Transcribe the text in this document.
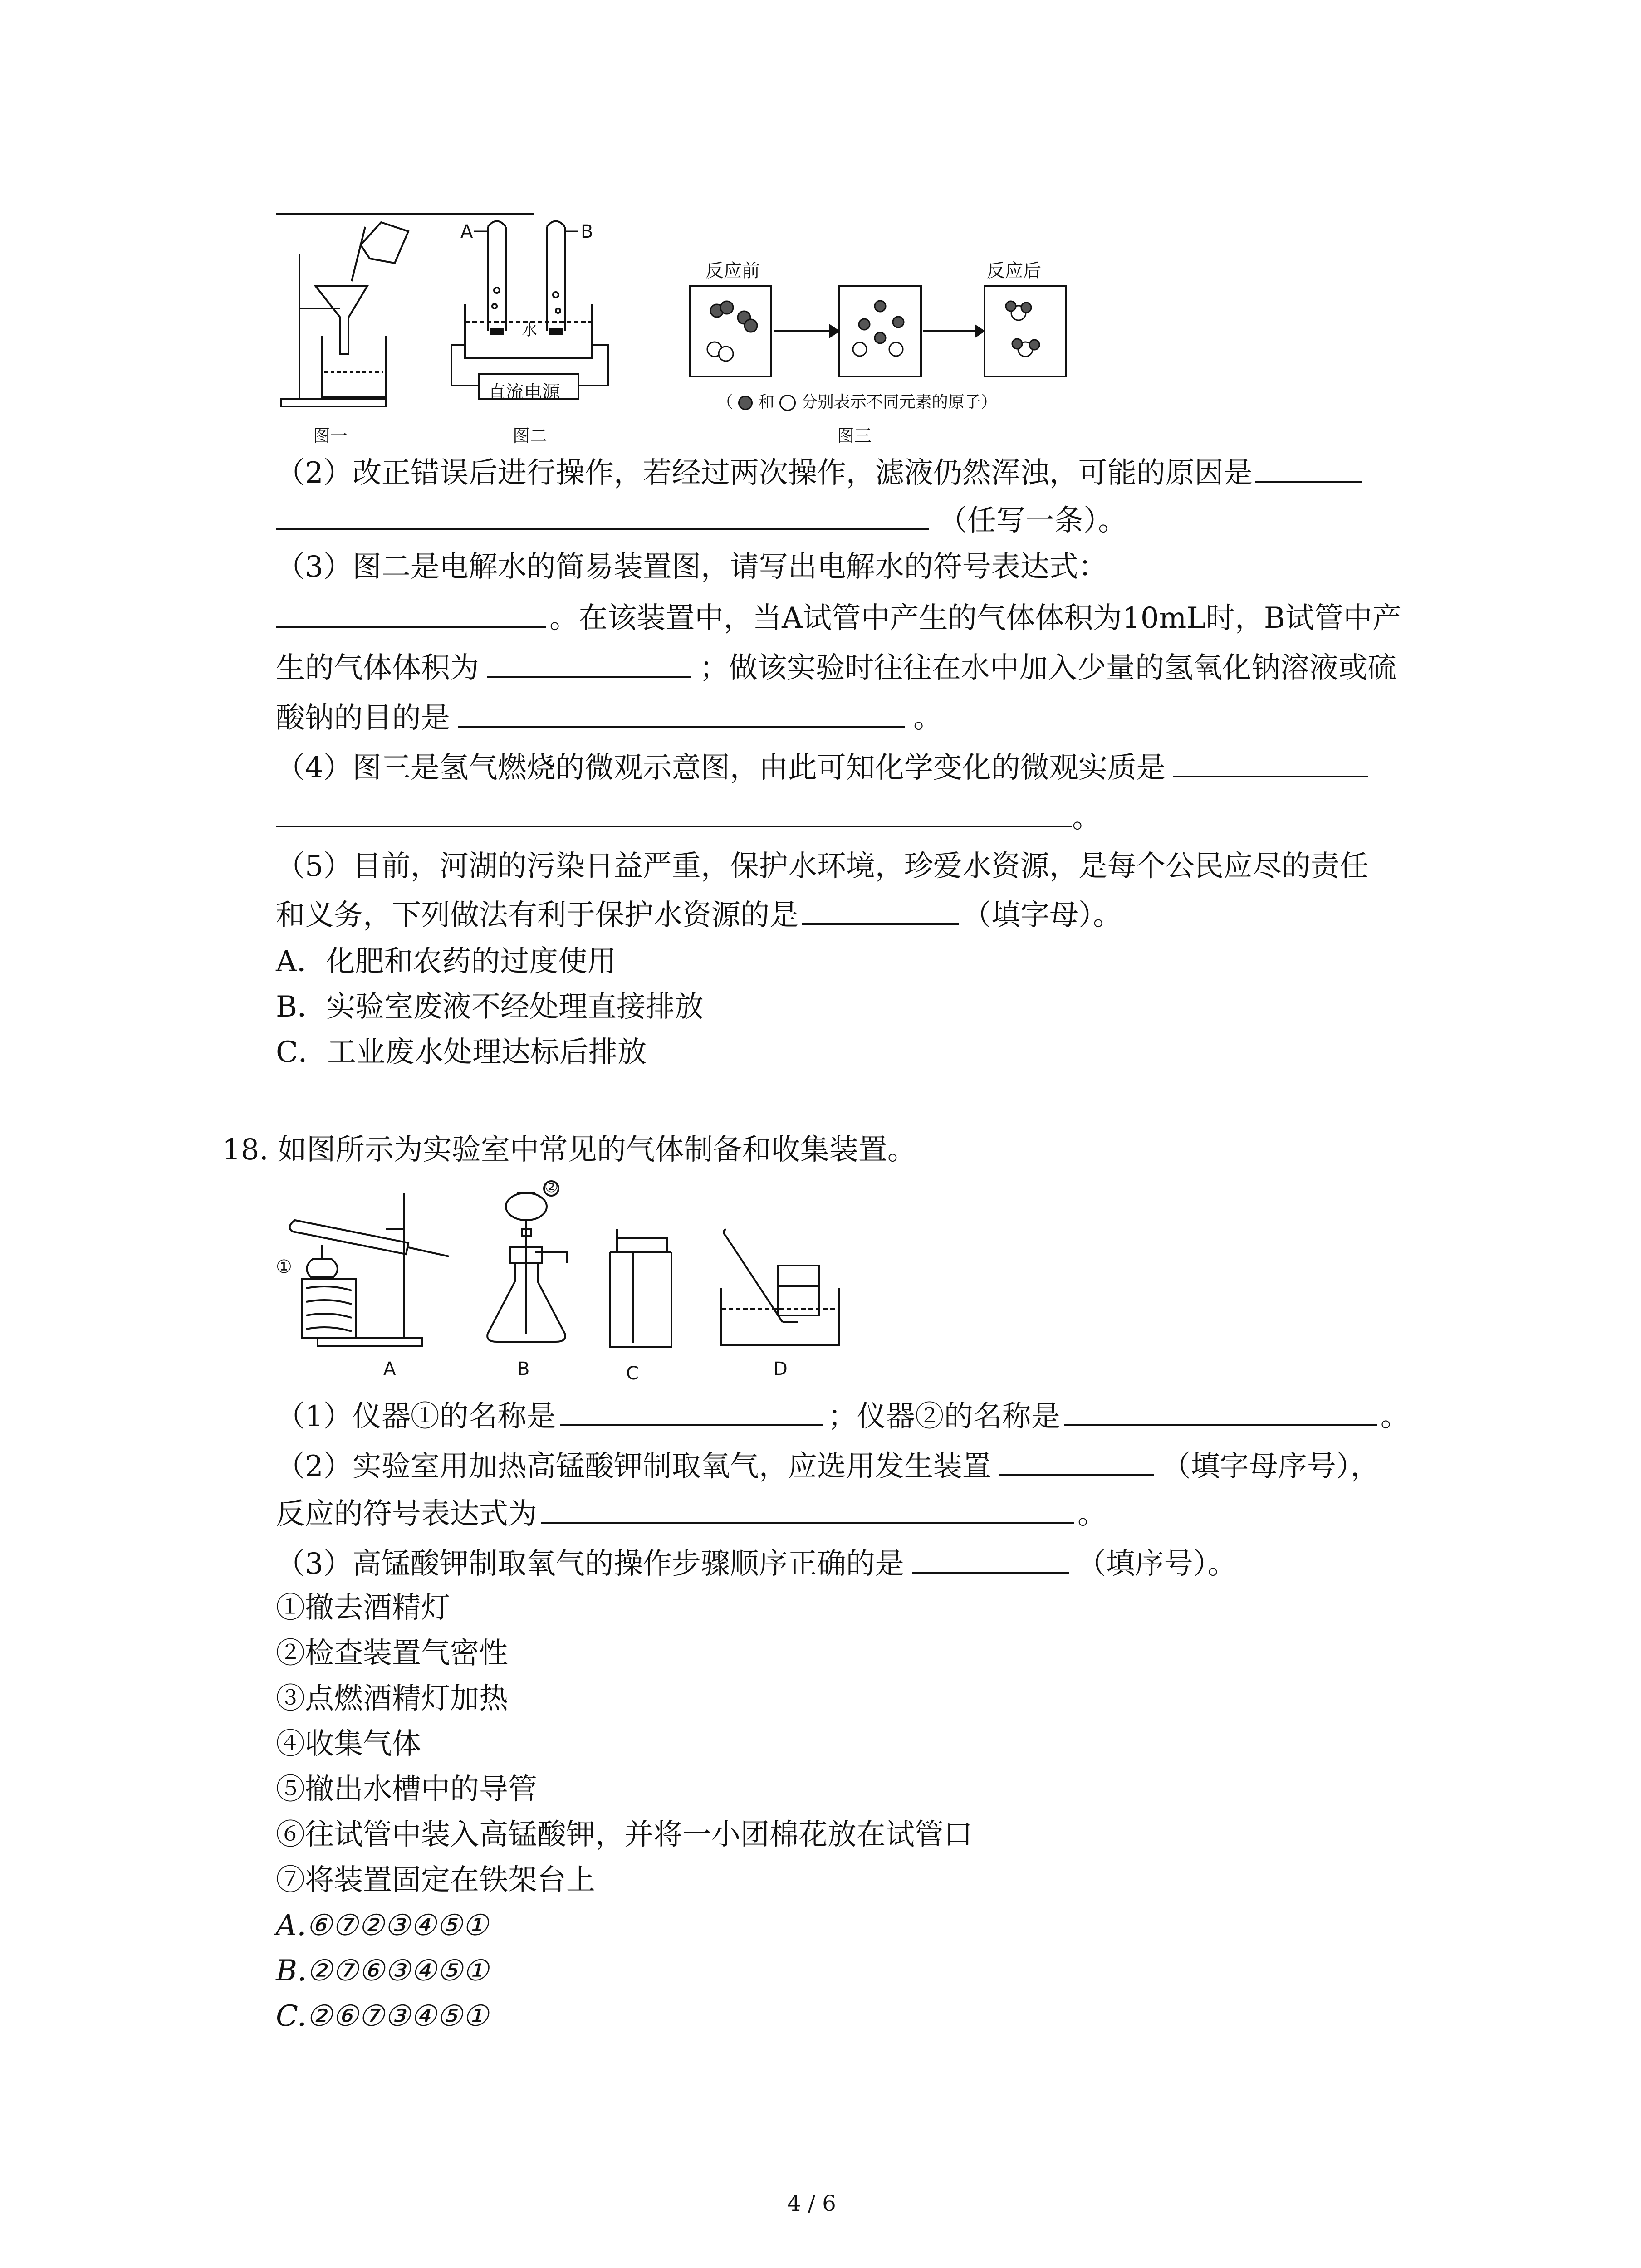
图一
A	B
水
直流电源
图二
反应前	反应后
（ 和 分别表示不同元素的原子）
图三
（2）改正错误后进行操作，若经过两次操作，滤液仍然浑浊，可能的原因是
（任写一条）。
（3）图二是电解水的简易装置图，请写出电解水的符号表达式：
。在该装置中，当A试管中产生的气体体积为10mL时，B试管中产
生的气体体积为	；做该实验时往往在水中加入少量的氢氧化钠溶液或硫
酸钠的目的是	。
（4）图三是氢气燃烧的微观示意图，由此可知化学变化的微观实质是
。
（5）目前，河湖的污染日益严重，保护水环境，珍爱水资源，是每个公民应尽的责任
和义务，下列做法有利于保护水资源的是	（填字母）。
A．化肥和农药的过度使用
B．实验室废液不经处理直接排放
C．工业废水处理达标后排放
18. 如图所示为实验室中常见的气体制备和收集装置。
①
A
②
B	C	D
（1）仪器①的名称是	；仪器②的名称是	。
（2）实验室用加热高锰酸钾制取氧气，应选用发生装置	（填字母序号），
反应的符号表达式为	。
（3）高锰酸钾制取氧气的操作步骤顺序正确的是	（填序号）。
①撤去酒精灯
②检查装置气密性
③点燃酒精灯加热
④收集气体
⑤撤出水槽中的导管
⑥往试管中装入高锰酸钾，并将一小团棉花放在试管口
⑦将装置固定在铁架台上
A.⑥⑦②③④⑤①
B.②⑦⑥③④⑤①
C.②⑥⑦③④⑤①
4 / 6
